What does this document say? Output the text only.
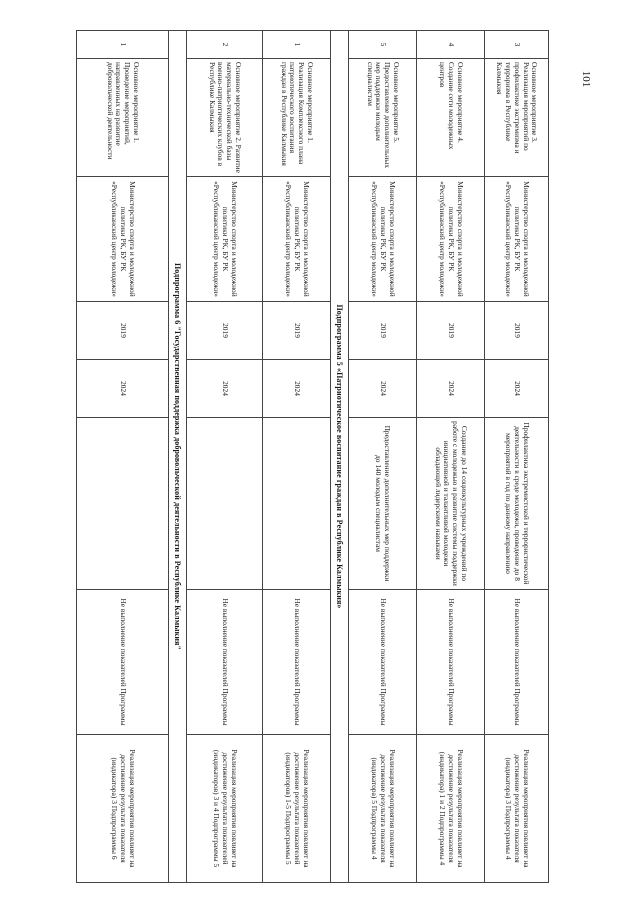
101
3	Основное мероприятие 3. Реализация мероприятий по профилактике экстремизма и терроризма в Республике Калмыкия	Министерство спорта и молодежной политики РК, БУ РК «Республиканский центр молодежи»	2019	2024	Профилактика экстремистской и террористической деятельности в среде молодежи, проведение до 8 мероприятий в год по данному направлению	Не выполнение показателей Программы	Реализация мероприятия повлияет на достижение результата показателя (индикатора) 3 Подпрограммы 4
4	Основное мероприятие 4. Создание сети молодежных центров	Министерство спорта и молодежной политики РК, БУ РК «Республиканский центр молодежи»	2019	2024	Создание до 14 социокультурных учреждений по работе с молодежью и развитие системы поддержки инициативной и талантливой молодежи обладающей лидерскими навыками	Не выполнение показателей Программы	Реализация мероприятия повлияет на достижение результата показателя (индикатора) 1 и 2 Подпрограммы 4
5	Основное мероприятие 5. Предоставление дополнительных мер поддержки молодым специалистам	Министерство спорта и молодежной политики РК, БУ РК «Республиканский центр молодежи»	2019	2024	Предоставление дополнительных мер поддержки до 140 молодым специалистам	Не выполнение показателей Программы	Реализация мероприятия повлияет на достижение результата показателя (индикатора) 5 Подпрограммы 4
Подпрограмма 5 «Патриотическое воспитание граждан в Республике Калмыкия»							
1	Основное мероприятие 1. Реализация Комплексного плана патриотического воспитания граждан в Республике Калмыкия	Министерство спорта и молодежной политики РК, БУ РК «Республиканский центр молодежи»	2019	2024		Не выполнение показателей Программы	Реализация мероприятия повлияет на достижение результата показателей (индикаторов) 1-5 Подпрограммы 5
2	Основное мероприятие 2. Развитие материально-технической базы военно-патриотических клубов в Республике Калмыкия	Министерство спорта и молодежной политики РК, БУ РК «Республиканский центр молодежи»	2019	2024		Не выполнение показателей Программы	Реализация мероприятия повлияет на достижение результата показателей (индикаторов) 3 и 4 Подпрограммы 5
Подпрограмма 6 "Государственная поддержка добровольческой деятельности в Республике Калмыкия"							
1	Основное мероприятие 1. Проведение мероприятий, направленных на развитие добровольческой деятельности	Министерство спорта и молодежной политики РК, БУ РК «Республиканский центр молодежи»	2019	2024		Не выполнение показателей Программы	Реализация мероприятия повлияет на достижение результата показателя (индикатора) 3 Подпрограммы 6
